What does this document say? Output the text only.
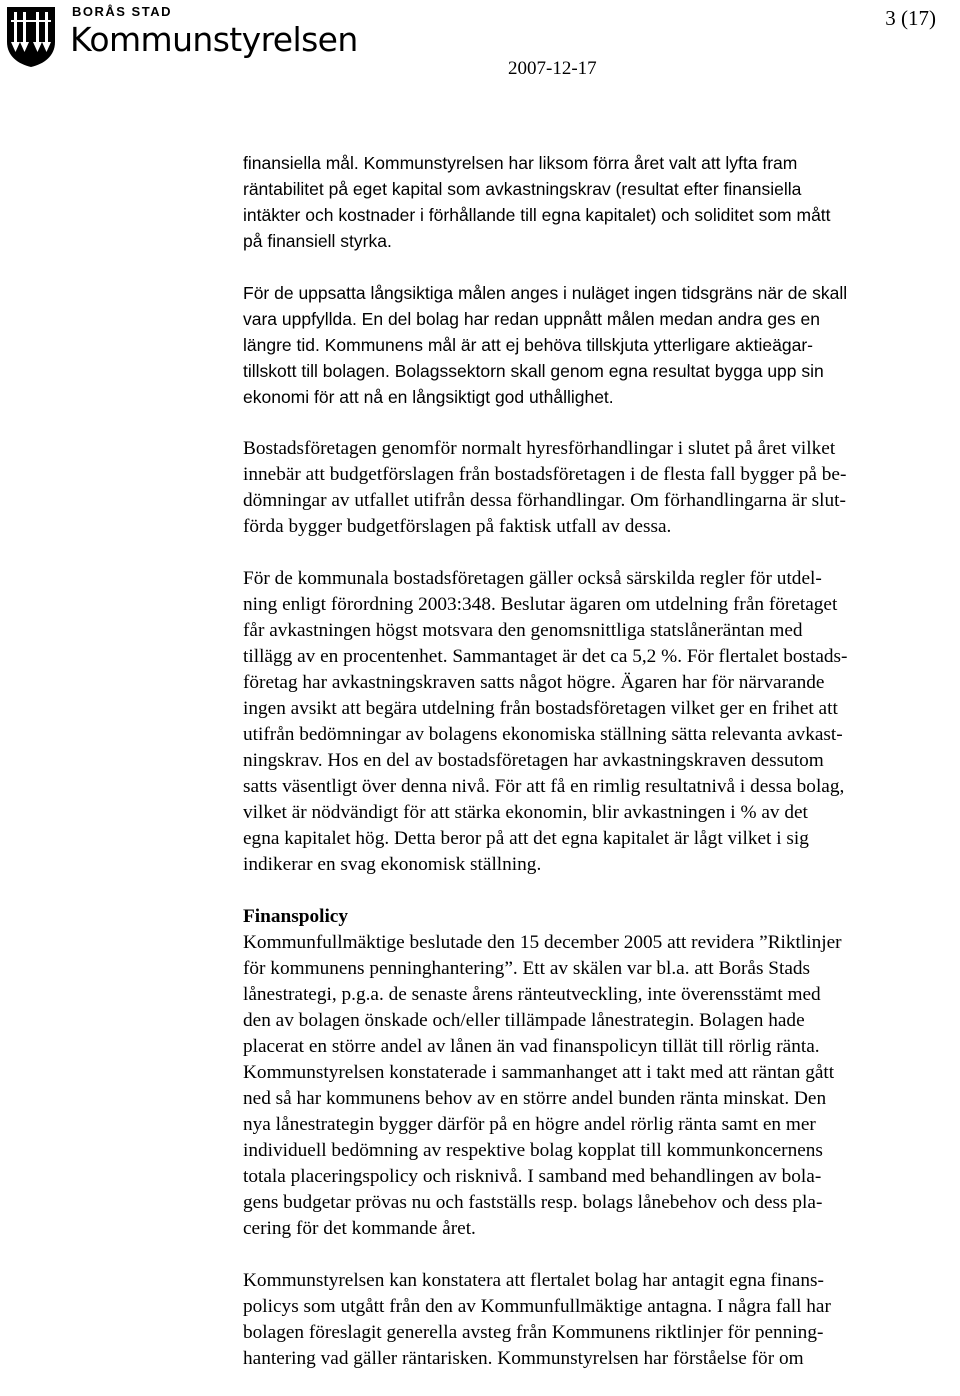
BORÅS STAD
Kommunstyrelsen
3 (17)
2007-12-17
finansiella mål. Kommunstyrelsen har liksom förra året valt att lyfta fram
räntabilitet på eget kapital som avkastningskrav (resultat efter finansiella
intäkter och kostnader i förhållande till egna kapitalet) och soliditet som mått
på finansiell styrka.
För de uppsatta långsiktiga målen anges i nuläget ingen tidsgräns när de skall
vara uppfyllda. En del bolag har redan uppnått målen medan andra ges en
längre tid. Kommunens mål är att ej behöva tillskjuta ytterligare aktieägar-
tillskott till bolagen. Bolagssektorn skall genom egna resultat bygga upp sin
ekonomi för att nå en långsiktigt god uthållighet.
Bostadsföretagen genomför normalt hyresförhandlingar i slutet på året vilket
innebär att budgetförslagen från bostadsföretagen i de flesta fall bygger på be-
dömningar av utfallet utifrån dessa förhandlingar. Om förhandlingarna är slut-
förda bygger budgetförslagen på faktisk utfall av dessa.
För de kommunala bostadsföretagen gäller också särskilda regler för utdel-
ning enligt förordning 2003:348. Beslutar ägaren om utdelning från företaget
får avkastningen högst motsvara den genomsnittliga statslåneräntan med
tillägg av en procentenhet. Sammantaget är det ca 5,2 %. För flertalet bostads-
företag har avkastningskraven satts något högre. Ägaren har för närvarande
ingen avsikt att begära utdelning från bostadsföretagen vilket ger en frihet att
utifrån bedömningar av bolagens ekonomiska ställning sätta relevanta avkast-
ningskrav. Hos en del av bostadsföretagen har avkastningskraven dessutom
satts väsentligt över denna nivå. För att få en rimlig resultatnivå i dessa bolag,
vilket är nödvändigt för att stärka ekonomin, blir avkastningen i % av det
egna kapitalet hög. Detta beror på att det egna kapitalet är lågt vilket i sig
indikerar en svag ekonomisk ställning.
Finanspolicy
Kommunfullmäktige beslutade den 15 december 2005 att revidera ”Riktlinjer
för kommunens penninghantering”. Ett av skälen var bl.a. att Borås Stads
lånestrategi, p.g.a. de senaste årens ränteutveckling, inte överensstämt med
den av bolagen önskade och/eller tillämpade lånestrategin. Bolagen hade
placerat en större andel av lånen än vad finanspolicyn tillät till rörlig ränta.
Kommunstyrelsen konstaterade i sammanhanget att i takt med att räntan gått
ned så har kommunens behov av en större andel bunden ränta minskat. Den
nya lånestrategin bygger därför på en högre andel rörlig ränta samt en mer
individuell bedömning av respektive bolag kopplat till kommunkoncernens
totala placeringspolicy och risknivå. I samband med behandlingen av bola-
gens budgetar prövas nu och fastställs resp. bolags lånebehov och dess pla-
cering för det kommande året.
Kommunstyrelsen kan konstatera att flertalet bolag har antagit egna finans-
policys som utgått från den av Kommunfullmäktige antagna. I några fall har
bolagen föreslagit generella avsteg från Kommunens riktlinjer för penning-
hantering vad gäller räntarisken. Kommunstyrelsen har förståelse för om
